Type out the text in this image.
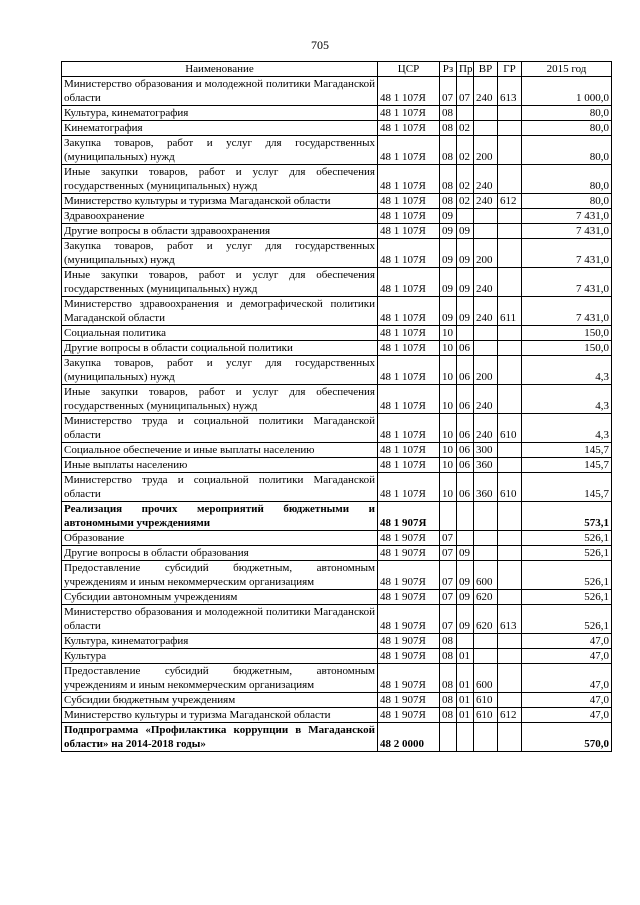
705
Наименование	ЦСР	Рз	Пр	ВР	ГР	2015 год
Министерство образования и молодежной политики Магаданской области	48 1 107Я	07	07	240	613	1 000,0
Культура, кинематография	48 1 107Я	08				80,0
Кинематография	48 1 107Я	08	02			80,0
Закупка товаров, работ и услуг для государственных (муниципальных) нужд	48 1 107Я	08	02	200		80,0
Иные закупки товаров, работ и услуг для обеспечения государственных (муниципальных) нужд	48 1 107Я	08	02	240		80,0
Министерство культуры и туризма Магаданской области	48 1 107Я	08	02	240	612	80,0
Здравоохранение	48 1 107Я	09				7 431,0
Другие вопросы в области здравоохранения	48 1 107Я	09	09			7 431,0
Закупка товаров, работ и услуг для государственных (муниципальных) нужд	48 1 107Я	09	09	200		7 431,0
Иные закупки товаров, работ и услуг для обеспечения государственных (муниципальных) нужд	48 1 107Я	09	09	240		7 431,0
Министерство здравоохранения и демографической политики Магаданской области	48 1 107Я	09	09	240	611	7 431,0
Социальная политика	48 1 107Я	10				150,0
Другие вопросы в области социальной политики	48 1 107Я	10	06			150,0
Закупка товаров, работ и услуг для государственных (муниципальных) нужд	48 1 107Я	10	06	200		4,3
Иные закупки товаров, работ и услуг для обеспечения государственных (муниципальных) нужд	48 1 107Я	10	06	240		4,3
Министерство труда и социальной политики Магаданской области	48 1 107Я	10	06	240	610	4,3
Социальное обеспечение и иные выплаты населению	48 1 107Я	10	06	300		145,7
Иные выплаты населению	48 1 107Я	10	06	360		145,7
Министерство труда и социальной политики Магаданской области	48 1 107Я	10	06	360	610	145,7
Реализация прочих мероприятий бюджетными и автономными учреждениями	48 1 907Я					573,1
Образование	48 1 907Я	07				526,1
Другие вопросы в области образования	48 1 907Я	07	09			526,1
Предоставление субсидий бюджетным, автономным учреждениям и иным некоммерческим организациям	48 1 907Я	07	09	600		526,1
Субсидии автономным учреждениям	48 1 907Я	07	09	620		526,1
Министерство образования и молодежной политики Магаданской области	48 1 907Я	07	09	620	613	526,1
Культура, кинематография	48 1 907Я	08				47,0
Культура	48 1 907Я	08	01			47,0
Предоставление субсидий бюджетным, автономным учреждениям и иным некоммерческим организациям	48 1 907Я	08	01	600		47,0
Субсидии бюджетным учреждениям	48 1 907Я	08	01	610		47,0
Министерство культуры и туризма Магаданской области	48 1 907Я	08	01	610	612	47,0
Подпрограмма «Профилактика коррупции в Магаданской области» на 2014-2018 годы»	48 2 0000					570,0
